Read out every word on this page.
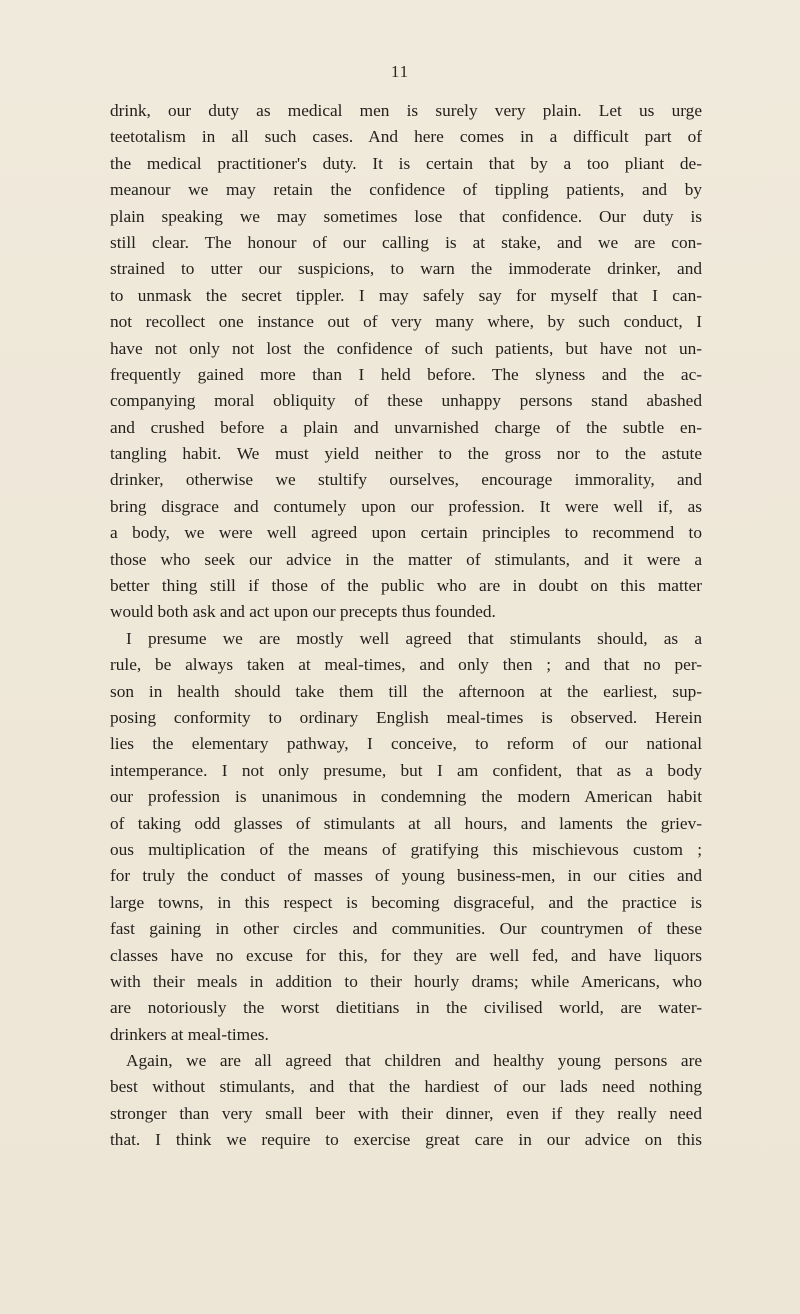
11
drink, our duty as medical men is surely very plain. Let us urge
teetotalism in all such cases. And here comes in a difficult part of
the medical practitioner's duty. It is certain that by a too pliant de-
meanour we may retain the confidence of tippling patients, and by
plain speaking we may sometimes lose that confidence. Our duty is
still clear. The honour of our calling is at stake, and we are con-
strained to utter our suspicions, to warn the immoderate drinker, and
to unmask the secret tippler. I may safely say for myself that I can-
not recollect one instance out of very many where, by such conduct, I
have not only not lost the confidence of such patients, but have not un-
frequently gained more than I held before. The slyness and the ac-
companying moral obliquity of these unhappy persons stand abashed
and crushed before a plain and unvarnished charge of the subtle en-
tangling habit. We must yield neither to the gross nor to the astute
drinker, otherwise we stultify ourselves, encourage immorality, and
bring disgrace and contumely upon our profession. It were well if, as
a body, we were well agreed upon certain principles to recommend to
those who seek our advice in the matter of stimulants, and it were a
better thing still if those of the public who are in doubt on this matter
would both ask and act upon our precepts thus founded.
I presume we are mostly well agreed that stimulants should, as a
rule, be always taken at meal-times, and only then ; and that no per-
son in health should take them till the afternoon at the earliest, sup-
posing conformity to ordinary English meal-times is observed. Herein
lies the elementary pathway, I conceive, to reform of our national
intemperance. I not only presume, but I am confident, that as a body
our profession is unanimous in condemning the modern American habit
of taking odd glasses of stimulants at all hours, and laments the griev-
ous multiplication of the means of gratifying this mischievous custom ;
for truly the conduct of masses of young business-men, in our cities and
large towns, in this respect is becoming disgraceful, and the practice is
fast gaining in other circles and communities. Our countrymen of these
classes have no excuse for this, for they are well fed, and have liquors
with their meals in addition to their hourly drams; while Americans, who
are notoriously the worst dietitians in the civilised world, are water-
drinkers at meal-times.
Again, we are all agreed that children and healthy young persons are
best without stimulants, and that the hardiest of our lads need nothing
stronger than very small beer with their dinner, even if they really need
that. I think we require to exercise great care in our advice on this
